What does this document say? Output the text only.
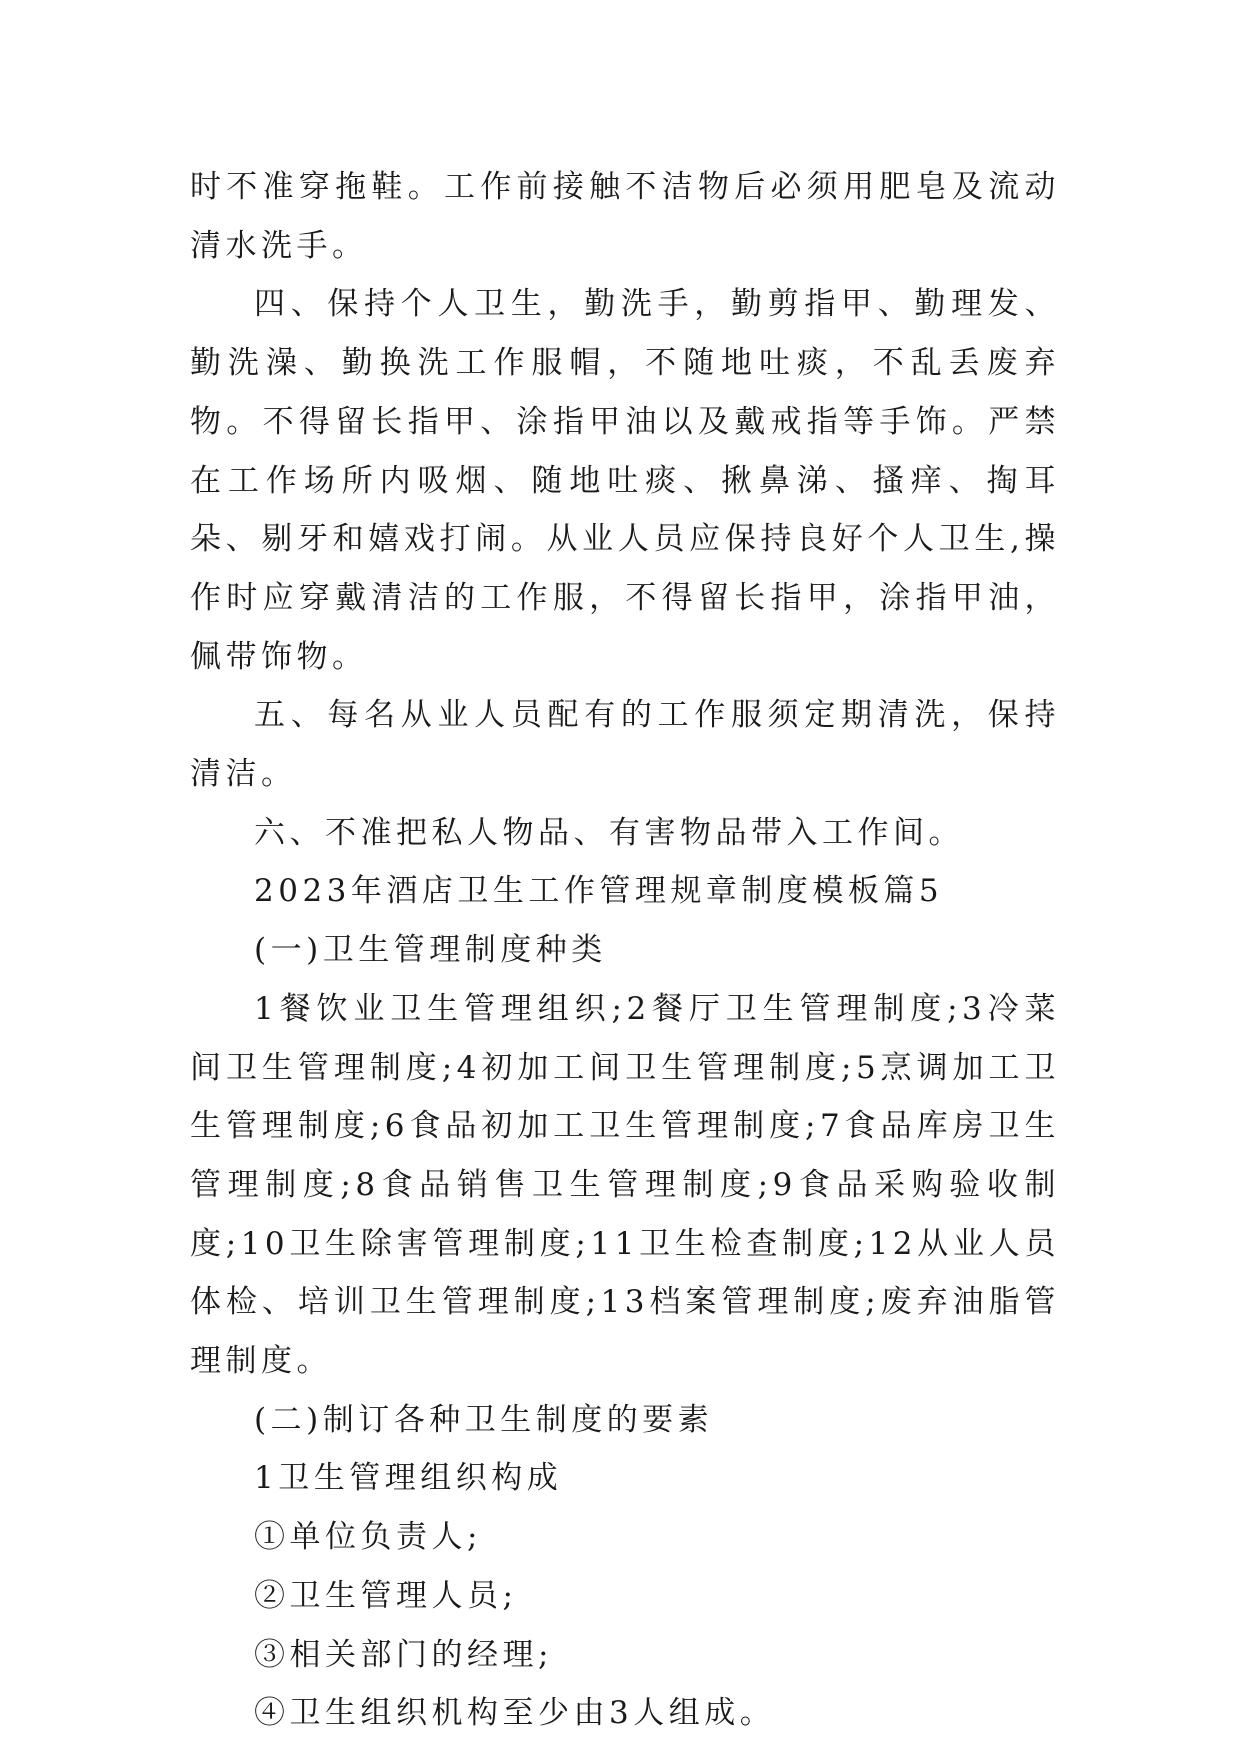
时不准穿拖鞋。工作前接触不洁物后必须用肥皂及流动清水洗手。

四、保持个人卫生，勤洗手，勤剪指甲、勤理发、勤洗澡、勤换洗工作服帽，不随地吐痰，不乱丢废弃物。不得留长指甲、涂指甲油以及戴戒指等手饰。严禁在工作场所内吸烟、随地吐痰、揪鼻涕、搔痒、掏耳朵、剔牙和嬉戏打闹。从业人员应保持良好个人卫生,操作时应穿戴清洁的工作服，不得留长指甲，涂指甲油，佩带饰物。

五、每名从业人员配有的工作服须定期清洗，保持清洁。

六、不准把私人物品、有害物品带入工作间。

2023年酒店卫生工作管理规章制度模板篇5

(一)卫生管理制度种类

1餐饮业卫生管理组织;2餐厅卫生管理制度;3冷菜间卫生管理制度;4初加工间卫生管理制度;5烹调加工卫生管理制度;6食品初加工卫生管理制度;7食品库房卫生管理制度;8食品销售卫生管理制度;9食品采购验收制度;10卫生除害管理制度;11卫生检查制度;12从业人员体检、培训卫生管理制度;13档案管理制度;废弃油脂管理制度。

(二)制订各种卫生制度的要素

1卫生管理组织构成

①单位负责人;

②卫生管理人员;

③相关部门的经理;

④卫生组织机构至少由3人组成。
